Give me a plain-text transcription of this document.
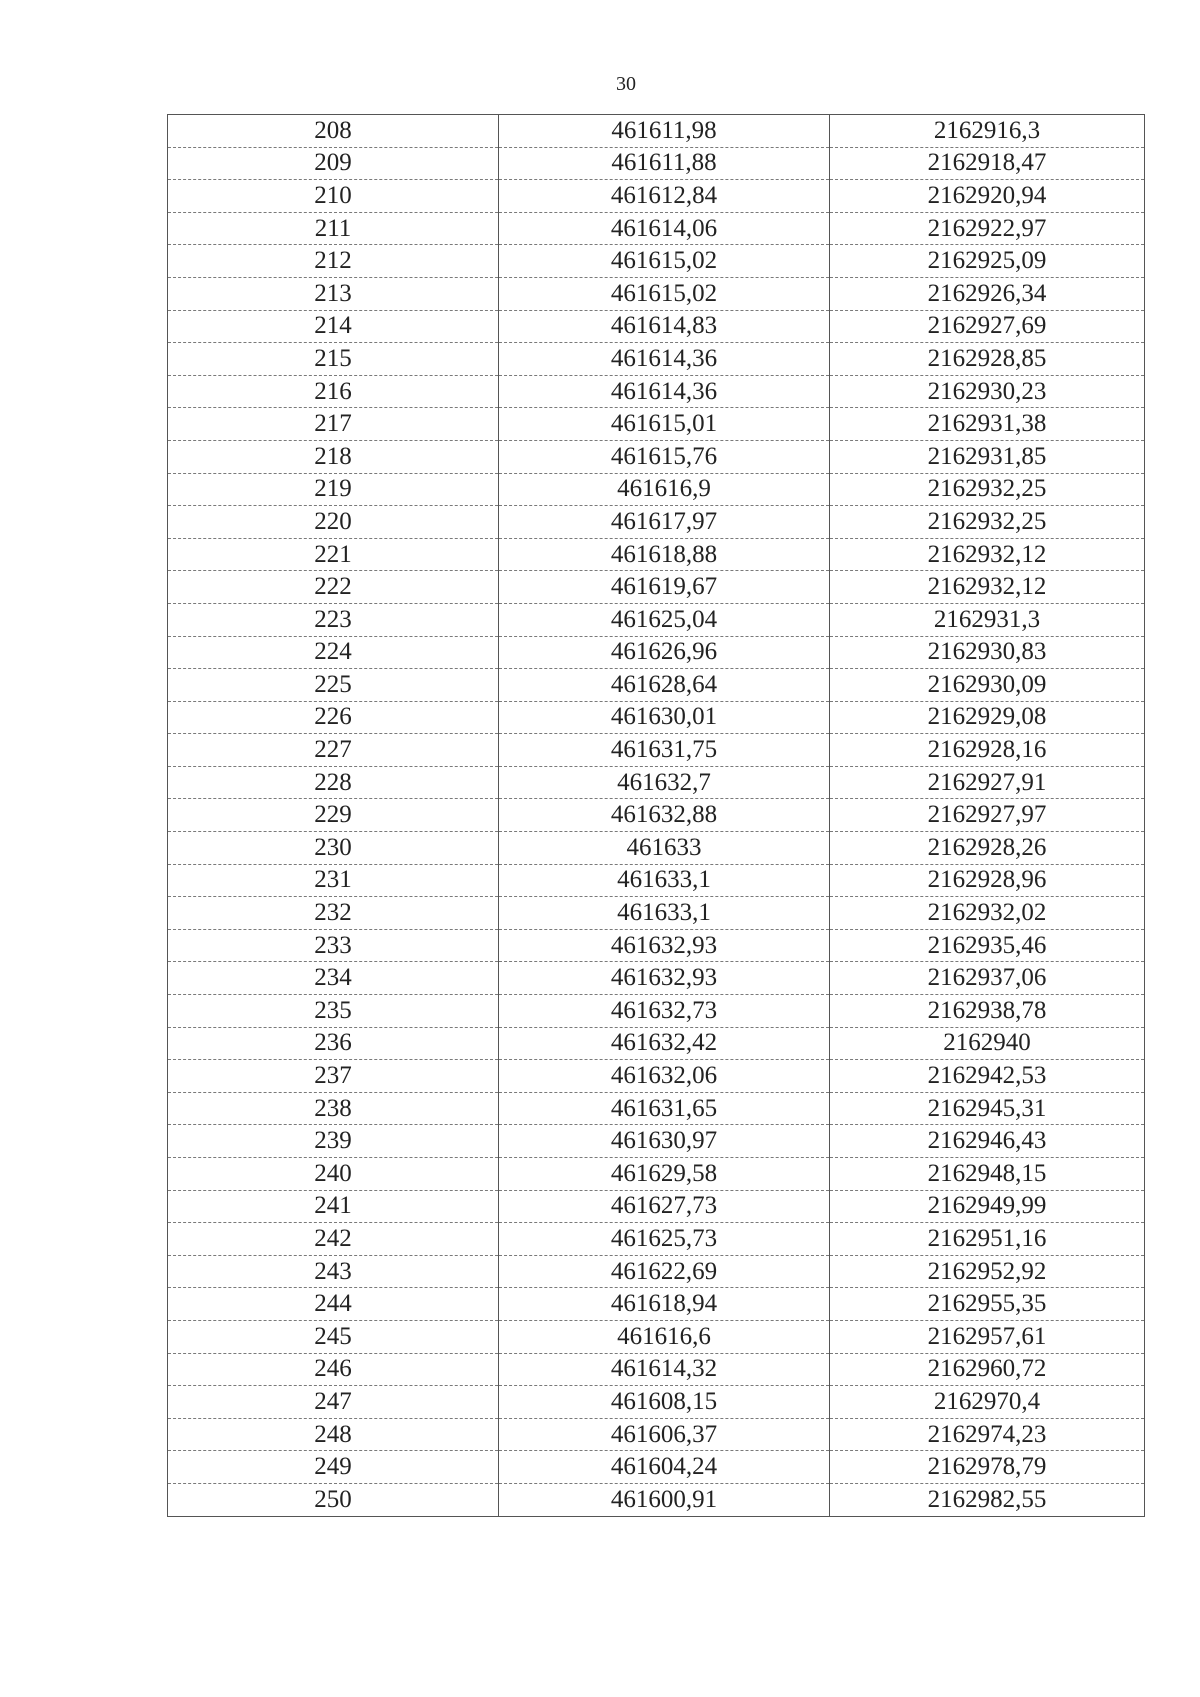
30
208	461611,98	2162916,3
209	461611,88	2162918,47
210	461612,84	2162920,94
211	461614,06	2162922,97
212	461615,02	2162925,09
213	461615,02	2162926,34
214	461614,83	2162927,69
215	461614,36	2162928,85
216	461614,36	2162930,23
217	461615,01	2162931,38
218	461615,76	2162931,85
219	461616,9	2162932,25
220	461617,97	2162932,25
221	461618,88	2162932,12
222	461619,67	2162932,12
223	461625,04	2162931,3
224	461626,96	2162930,83
225	461628,64	2162930,09
226	461630,01	2162929,08
227	461631,75	2162928,16
228	461632,7	2162927,91
229	461632,88	2162927,97
230	461633	2162928,26
231	461633,1	2162928,96
232	461633,1	2162932,02
233	461632,93	2162935,46
234	461632,93	2162937,06
235	461632,73	2162938,78
236	461632,42	2162940
237	461632,06	2162942,53
238	461631,65	2162945,31
239	461630,97	2162946,43
240	461629,58	2162948,15
241	461627,73	2162949,99
242	461625,73	2162951,16
243	461622,69	2162952,92
244	461618,94	2162955,35
245	461616,6	2162957,61
246	461614,32	2162960,72
247	461608,15	2162970,4
248	461606,37	2162974,23
249	461604,24	2162978,79
250	461600,91	2162982,55
